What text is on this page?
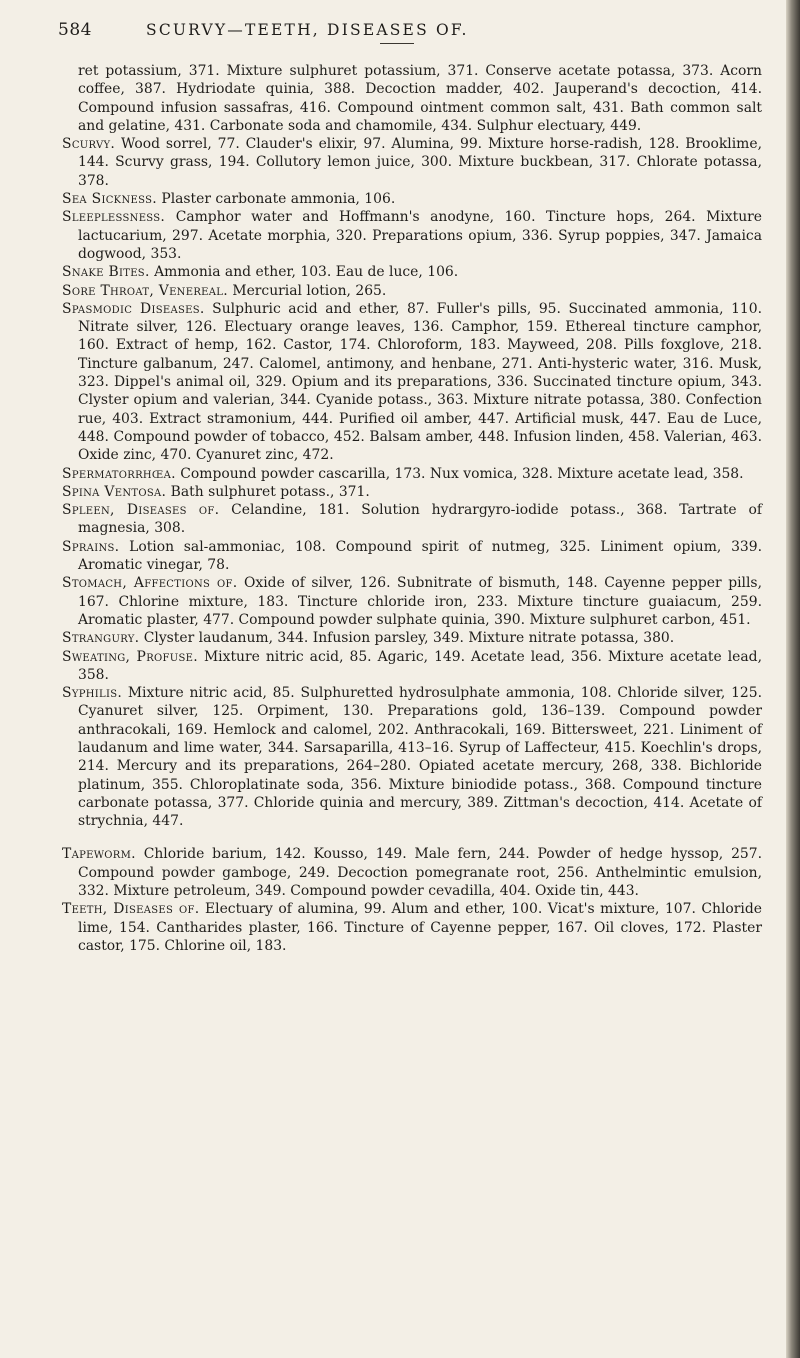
584	SCURVY—TEETH, DISEASES OF.

ret potassium, 371. Mixture sulphuret potassium, 371. Conserve acetate potassa, 373. Acorn coffee, 387. Hydriodate quinia, 388. Decoction madder, 402. Jauperand's decoction, 414. Compound infusion sassafras, 416. Compound ointment common salt, 431. Bath common salt and gelatine, 431. Carbonate soda and chamomile, 434. Sulphur electuary, 449.

Scurvy. Wood sorrel, 77. Clauder's elixir, 97. Alumina, 99. Mixture horse-radish, 128. Brooklime, 144. Scurvy grass, 194. Collutory lemon juice, 300. Mixture buckbean, 317. Chlorate potassa, 378.

Sea Sickness. Plaster carbonate ammonia, 106.

Sleeplessness. Camphor water and Hoffmann's anodyne, 160. Tincture hops, 264. Mixture lactucarium, 297. Acetate morphia, 320. Preparations opium, 336. Syrup poppies, 347. Jamaica dogwood, 353.

Snake Bites. Ammonia and ether, 103. Eau de luce, 106.

Sore Throat, Venereal. Mercurial lotion, 265.

Spasmodic Diseases. Sulphuric acid and ether, 87. Fuller's pills, 95. Succinated ammonia, 110. Nitrate silver, 126. Electuary orange leaves, 136. Camphor, 159. Ethereal tincture camphor, 160. Extract of hemp, 162. Castor, 174. Chloroform, 183. Mayweed, 208. Pills foxglove, 218. Tincture galbanum, 247. Calomel, antimony, and henbane, 271. Anti-hysteric water, 316. Musk, 323. Dippel's animal oil, 329. Opium and its preparations, 336. Succinated tincture opium, 343. Clyster opium and valerian, 344. Cyanide potass., 363. Mixture nitrate potassa, 380. Confection rue, 403. Extract stramonium, 444. Purified oil amber, 447. Artificial musk, 447. Eau de Luce, 448. Compound powder of tobacco, 452. Balsam amber, 448. Infusion linden, 458. Valerian, 463. Oxide zinc, 470. Cyanuret zinc, 472.

Spermatorrhœa. Compound powder cascarilla, 173. Nux vomica, 328. Mixture acetate lead, 358.

Spina Ventosa. Bath sulphuret potass., 371.

Spleen, Diseases of. Celandine, 181. Solution hydrargyro-iodide potass., 368. Tartrate of magnesia, 308.

Sprains. Lotion sal-ammoniac, 108. Compound spirit of nutmeg, 325. Liniment opium, 339. Aromatic vinegar, 78.

Stomach, Affections of. Oxide of silver, 126. Subnitrate of bismuth, 148. Cayenne pepper pills, 167. Chlorine mixture, 183. Tincture chloride iron, 233. Mixture tincture guaiacum, 259. Aromatic plaster, 477. Compound powder sulphate quinia, 390. Mixture sulphuret carbon, 451.

Strangury. Clyster laudanum, 344. Infusion parsley, 349. Mixture nitrate potassa, 380.

Sweating, Profuse. Mixture nitric acid, 85. Agaric, 149. Acetate lead, 356. Mixture acetate lead, 358.

Syphilis. Mixture nitric acid, 85. Sulphuretted hydrosulphate ammonia, 108. Chloride silver, 125. Cyanuret silver, 125. Orpiment, 130. Preparations gold, 136–139. Compound powder anthracokali, 169. Hemlock and calomel, 202. Anthracokali, 169. Bittersweet, 221. Liniment of laudanum and lime water, 344. Sarsaparilla, 413–16. Syrup of Laffecteur, 415. Koechlin's drops, 214. Mercury and its preparations, 264–280. Opiated acetate mercury, 268, 338. Bichloride platinum, 355. Chloroplatinate soda, 356. Mixture biniodide potass., 368. Compound tincture carbonate potassa, 377. Chloride quinia and mercury, 389. Zittman's decoction, 414. Acetate of strychnia, 447.

Tapeworm. Chloride barium, 142. Kousso, 149. Male fern, 244. Powder of hedge hyssop, 257. Compound powder gamboge, 249. Decoction pomegranate root, 256. Anthelmintic emulsion, 332. Mixture petroleum, 349. Compound powder cevadilla, 404. Oxide tin, 443.

Teeth, Diseases of. Electuary of alumina, 99. Alum and ether, 100. Vicat's mixture, 107. Chloride lime, 154. Cantharides plaster, 166. Tincture of Cayenne pepper, 167. Oil cloves, 172. Plaster castor, 175. Chlorine oil, 183.
